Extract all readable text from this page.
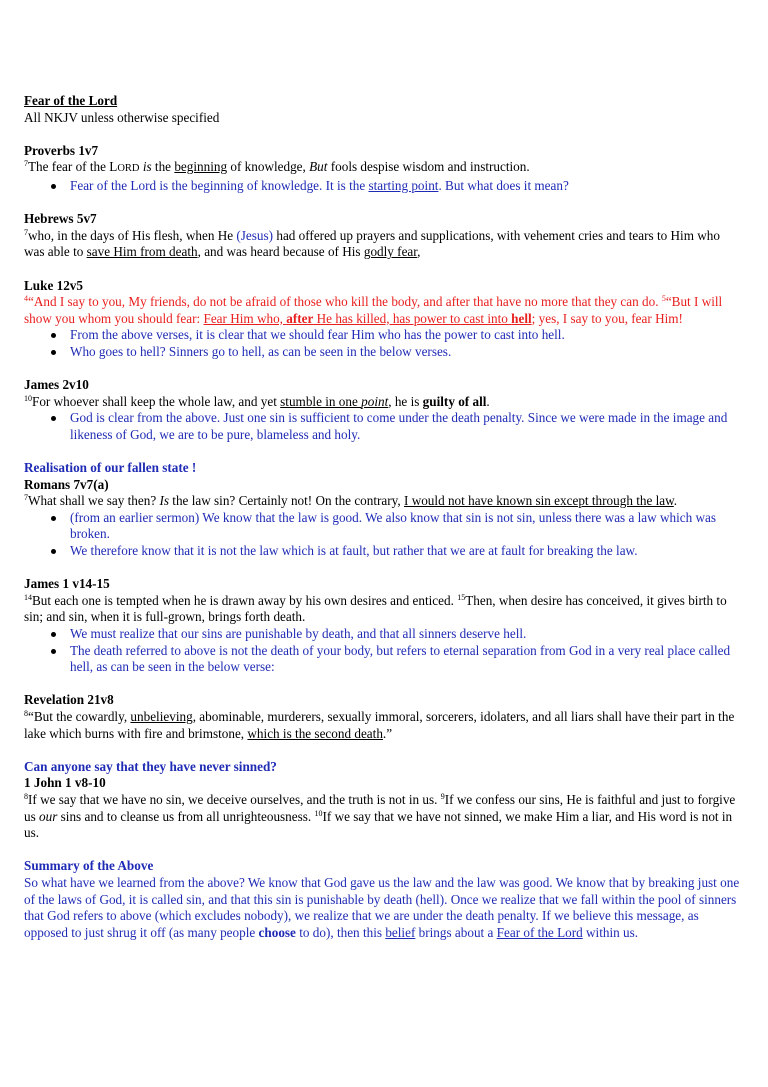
Fear of the Lord

All NKJV unless otherwise specified

Proverbs 1v7

$^7$The fear of the LORD is the beginning of knowledge, But fools despise wisdom and instruction.

Fear of the Lord is the beginning of knowledge. It is the starting point. But what does it mean?

Hebrews 5v7

$^7$who, in the days of His flesh, when He (Jesus) had offered up prayers and supplications, with vehement cries and tears to Him who was able to save Him from death, and was heard because of His godly fear,

Luke 12v5

$^4$“And I say to you, My friends, do not be afraid of those who kill the body, and after that have no more that they can do. $^5$“But I will show you whom you should fear: Fear Him who, after He has killed, has power to cast into hell; yes, I say to you, fear Him!

From the above verses, it is clear that we should fear Him who has the power to cast into hell.
Who goes to hell? Sinners go to hell, as can be seen in the below verses.

James 2v10

$^{10}$For whoever shall keep the whole law, and yet stumble in one point, he is guilty of all.

God is clear from the above. Just one sin is sufficient to come under the death penalty. Since we were made in the image and likeness of God, we are to be pure, blameless and holy.

Realisation of our fallen state !

Romans 7v7(a)

$^7$What shall we say then? Is the law sin? Certainly not! On the contrary, I would not have known sin except through the law.

(from an earlier sermon) We know that the law is good. We also know that sin is not sin, unless there was a law which was broken.
We therefore know that it is not the law which is at fault, but rather that we are at fault for breaking the law.

James 1 v14-15

$^{14}$But each one is tempted when he is drawn away by his own desires and enticed. $^{15}$Then, when desire has conceived, it gives birth to sin; and sin, when it is full-grown, brings forth death.

We must realize that our sins are punishable by death, and that all sinners deserve hell.
The death referred to above is not the death of your body, but refers to eternal separation from God in a very real place called hell, as can be seen in the below verse:

Revelation 21v8

$^8$“But the cowardly, unbelieving, abominable, murderers, sexually immoral, sorcerers, idolaters, and all liars shall have their part in the lake which burns with fire and brimstone, which is the second death.”

Can anyone say that they have never sinned?

1 John 1 v8-10

$^8$If we say that we have no sin, we deceive ourselves, and the truth is not in us. $^9$If we confess our sins, He is faithful and just to forgive us our sins and to cleanse us from all unrighteousness. $^{10}$If we say that we have not sinned, we make Him a liar, and His word is not in us.

Summary of the Above

So what have we learned from the above? We know that God gave us the law and the law was good. We know that by breaking just one of the laws of God, it is called sin, and that this sin is punishable by death (hell). Once we realize that we fall within the pool of sinners that God refers to above (which excludes nobody), we realize that we are under the death penalty. If we believe this message, as opposed to just shrug it off (as many people choose to do), then this belief brings about a Fear of the Lord within us.
